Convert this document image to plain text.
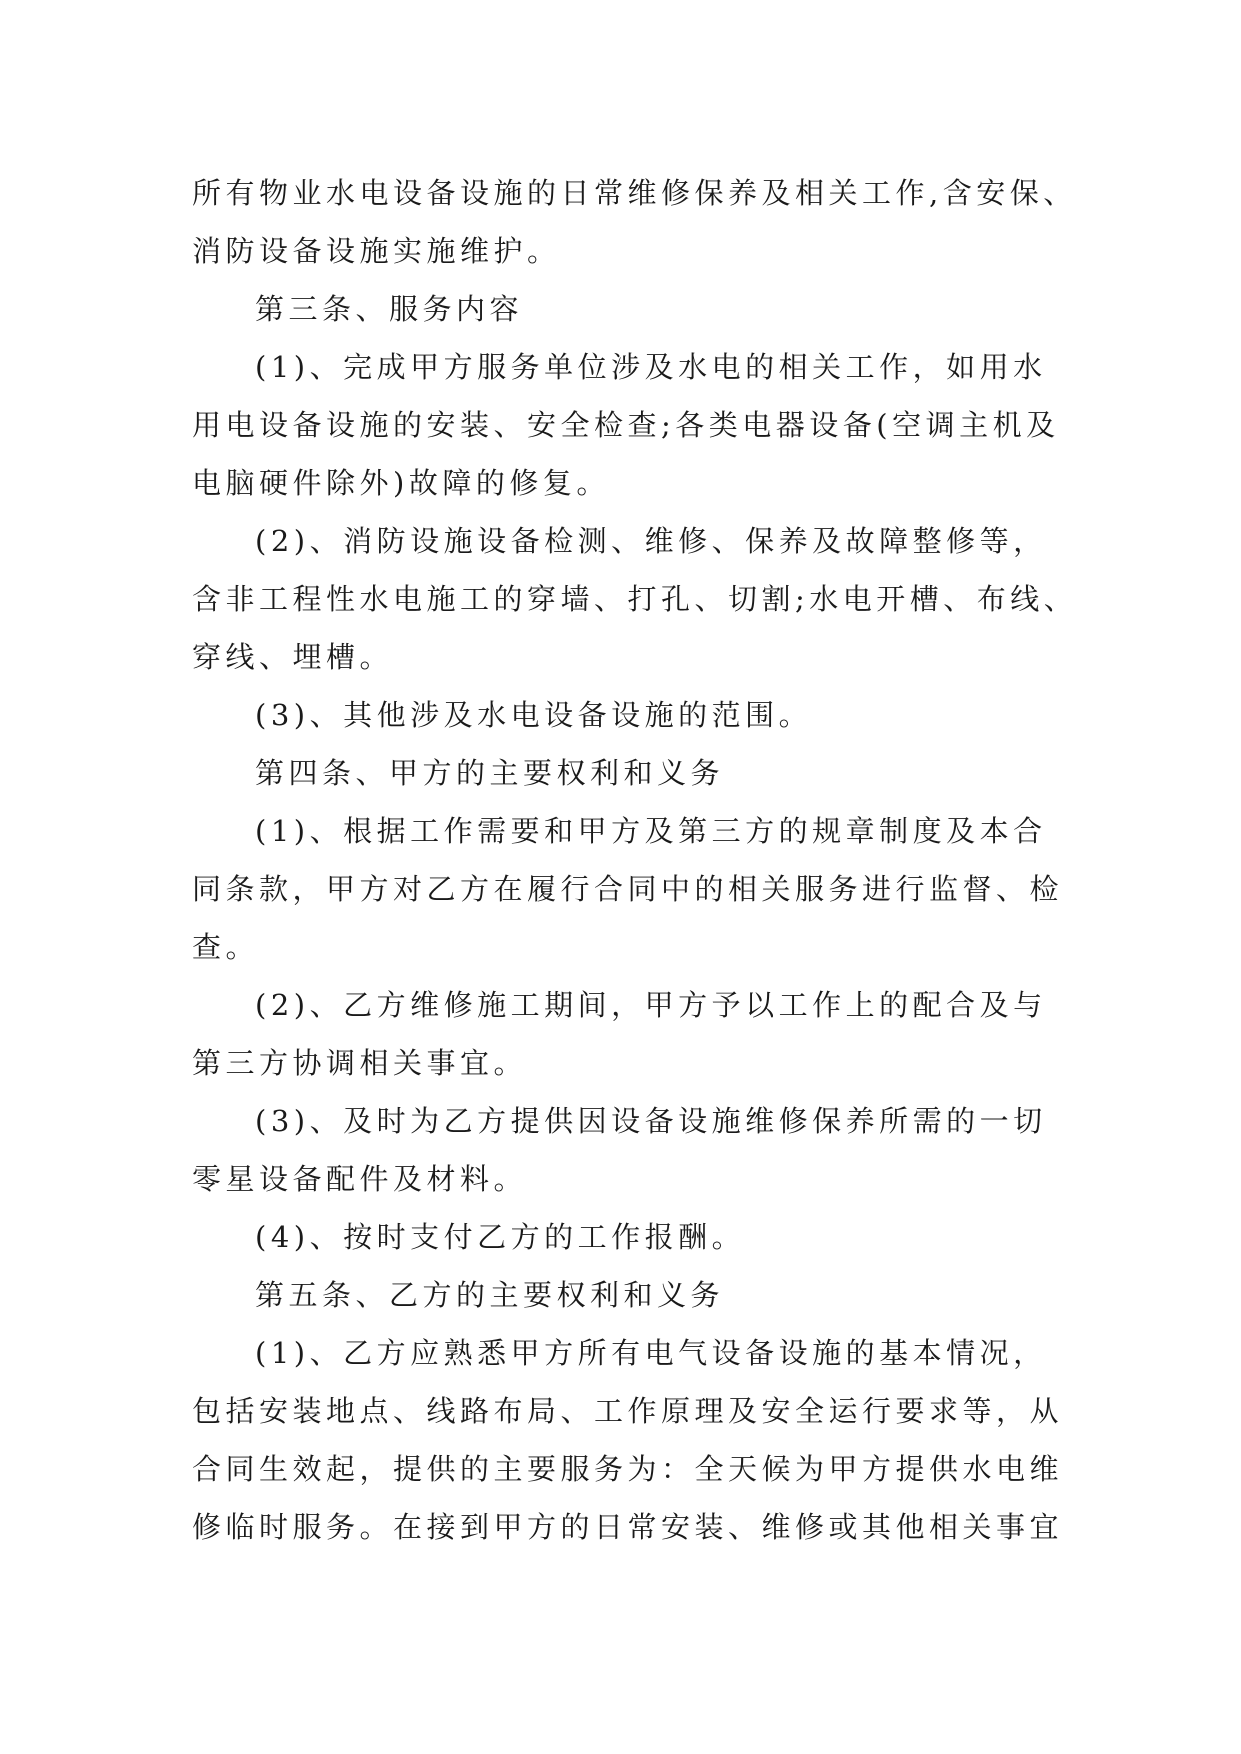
所有物业水电设备设施的日常维修保养及相关工作,含安保、
消防设备设施实施维护。
第三条、服务内容
(1)、完成甲方服务单位涉及水电的相关工作，如用水
用电设备设施的安装、安全检查;各类电器设备(空调主机及
电脑硬件除外)故障的修复。
(2)、消防设施设备检测、维修、保养及故障整修等，
含非工程性水电施工的穿墙、打孔、切割;水电开槽、布线、
穿线、埋槽。
(3)、其他涉及水电设备设施的范围。
第四条、甲方的主要权利和义务
(1)、根据工作需要和甲方及第三方的规章制度及本合
同条款，甲方对乙方在履行合同中的相关服务进行监督、检
查。
(2)、乙方维修施工期间，甲方予以工作上的配合及与
第三方协调相关事宜。
(3)、及时为乙方提供因设备设施维修保养所需的一切
零星设备配件及材料。
(4)、按时支付乙方的工作报酬。
第五条、乙方的主要权利和义务
(1)、乙方应熟悉甲方所有电气设备设施的基本情况，
包括安装地点、线路布局、工作原理及安全运行要求等，从
合同生效起，提供的主要服务为：全天候为甲方提供水电维
修临时服务。在接到甲方的日常安装、维修或其他相关事宜
